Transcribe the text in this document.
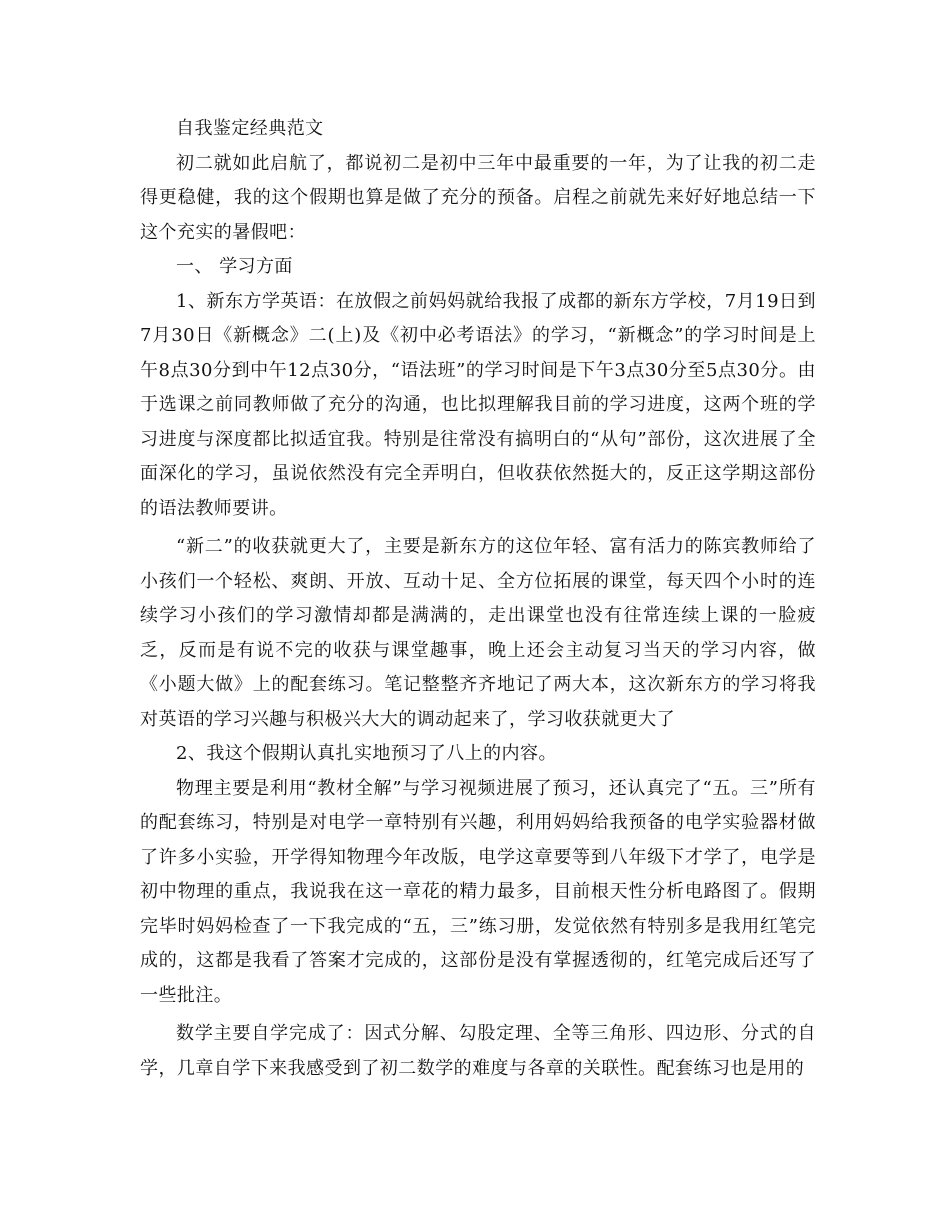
自我鉴定经典范文

初二就如此启航了，都说初二是初中三年中最重要的一年，为了让我的初二走得更稳健，我的这个假期也算是做了充分的预备。启程之前就先来好好地总结一下这个充实的暑假吧：

一、 学习方面

1、新东方学英语：在放假之前妈妈就给我报了成都的新东方学校，7月19日到7月30日《新概念》二(上)及《初中必考语法》的学习，“新概念”的学习时间是上午8点30分到中午12点30分，“语法班”的学习时间是下午3点30分至5点30分。由于选课之前同教师做了充分的沟通，也比拟理解我目前的学习进度，这两个班的学习进度与深度都比拟适宜我。特别是往常没有搞明白的“从句”部份，这次进展了全面深化的学习，虽说依然没有完全弄明白，但收获依然挺大的，反正这学期这部份的语法教师要讲。

“新二”的收获就更大了，主要是新东方的这位年轻、富有活力的陈宾教师给了小孩们一个轻松、爽朗、开放、互动十足、全方位拓展的课堂，每天四个小时的连续学习小孩们的学习激情却都是满满的，走出课堂也没有往常连续上课的一脸疲乏，反而是有说不完的收获与课堂趣事，晚上还会主动复习当天的学习内容，做《小题大做》上的配套练习。笔记整整齐齐地记了两大本，这次新东方的学习将我对英语的学习兴趣与积极兴大大的调动起来了，学习收获就更大了

2、我这个假期认真扎实地预习了八上的内容。

物理主要是利用“教材全解”与学习视频进展了预习，还认真完了“五。三”所有的配套练习，特别是对电学一章特别有兴趣，利用妈妈给我预备的电学实验器材做了许多小实验，开学得知物理今年改版，电学这章要等到八年级下才学了，电学是初中物理的重点，我说我在这一章花的精力最多，目前根天性分析电路图了。假期完毕时妈妈检查了一下我完成的“五，三”练习册，发觉依然有特别多是我用红笔完成的，这都是我看了答案才完成的，这部份是没有掌握透彻的，红笔完成后还写了一些批注。

数学主要自学完成了：因式分解、勾股定理、全等三角形、四边形、分式的自学，几章自学下来我感受到了初二数学的难度与各章的关联性。配套练习也是用的
